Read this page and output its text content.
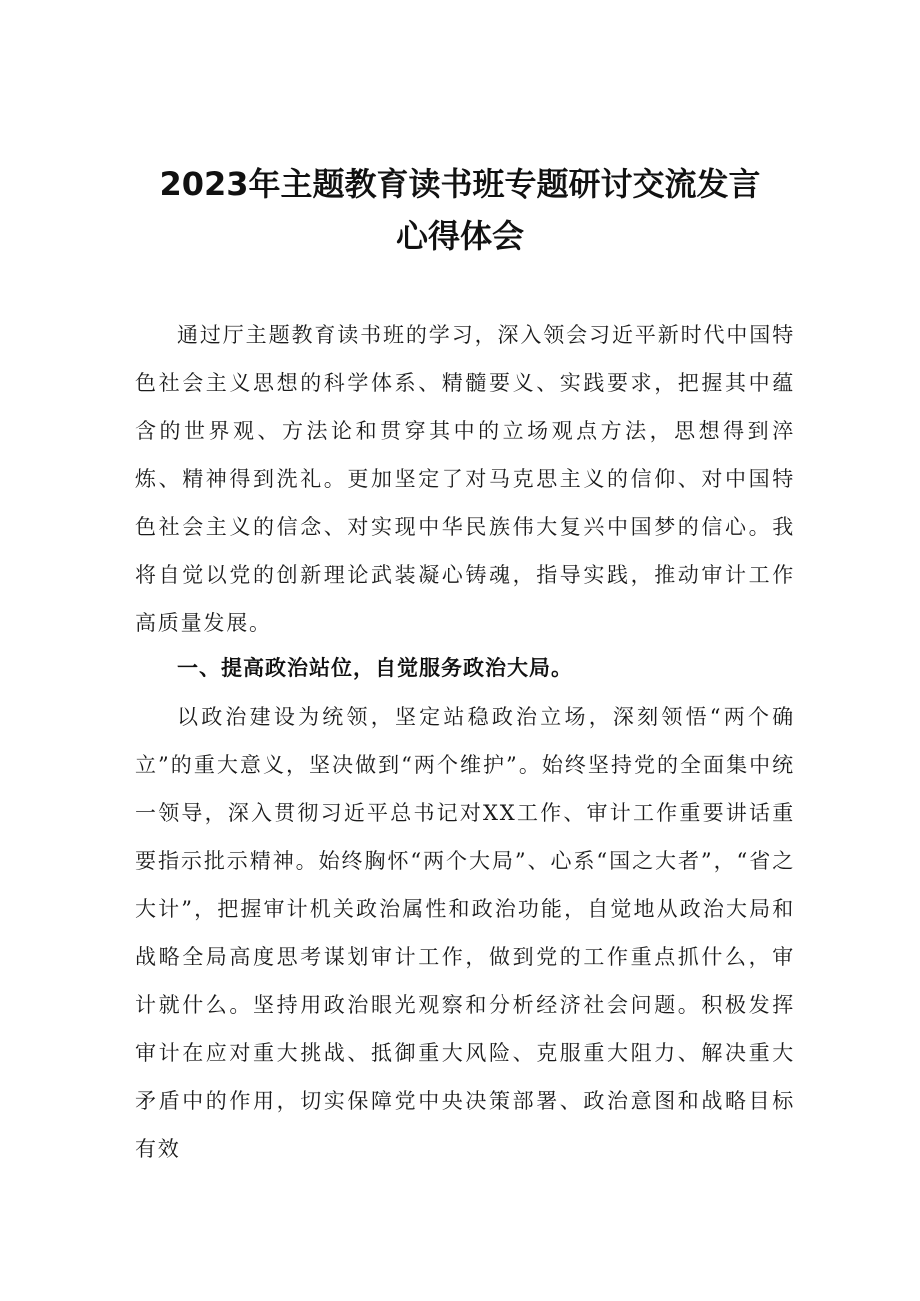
2023年主题教育读书班专题研讨交流发言
心得体会

通过厅主题教育读书班的学习，深入领会习近平新时代中国特色社会主义思想的科学体系、精髓要义、实践要求，把握其中蕴含的世界观、方法论和贯穿其中的立场观点方法，思想得到淬炼、精神得到洗礼。更加坚定了对马克思主义的信仰、对中国特色社会主义的信念、对实现中华民族伟大复兴中国梦的信心。我将自觉以党的创新理论武装凝心铸魂，指导实践，推动审计工作高质量发展。

一、提高政治站位，自觉服务政治大局。

以政治建设为统领，坚定站稳政治立场，深刻领悟“两个确立”的重大意义，坚决做到“两个维护”。始终坚持党的全面集中统一领导，深入贯彻习近平总书记对XX工作、审计工作重要讲话重要指示批示精神。始终胸怀“两个大局”、心系“国之大者”，“省之大计”，把握审计机关政治属性和政治功能，自觉地从政治大局和战略全局高度思考谋划审计工作，做到党的工作重点抓什么，审计就什么。坚持用政治眼光观察和分析经济社会问题。积极发挥审计在应对重大挑战、抵御重大风险、克服重大阻力、解决重大矛盾中的作用，切实保障党中央决策部署、政治意图和战略目标有效
